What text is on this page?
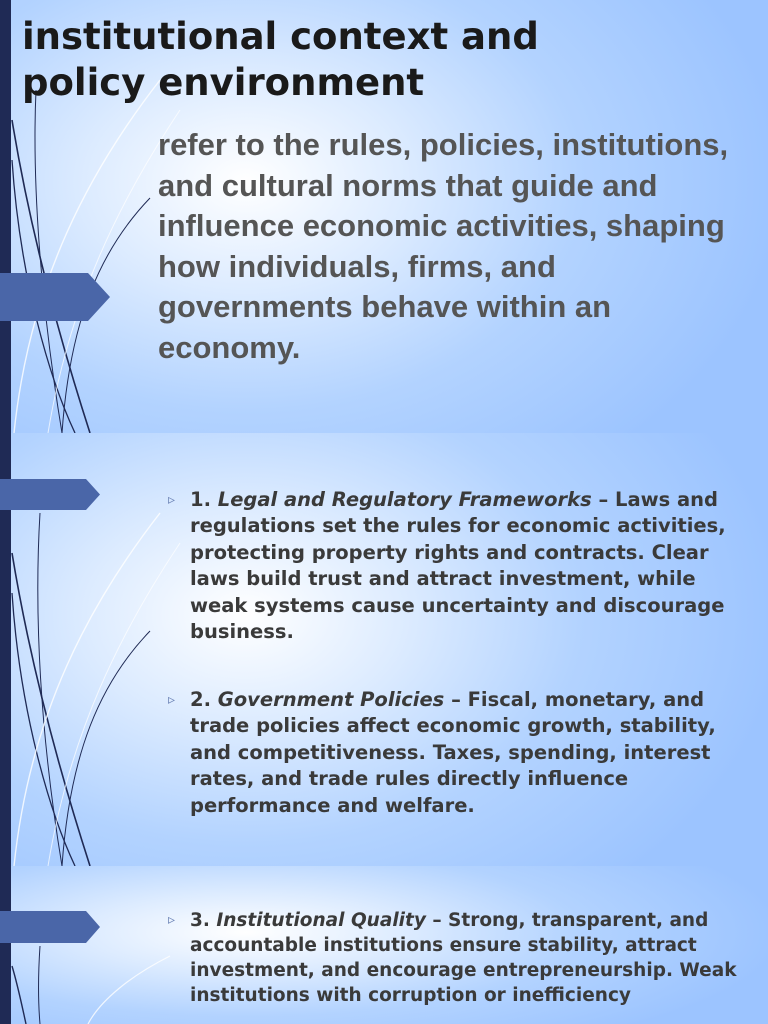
institutional context and policy environment

refer to the rules, policies, institutions, and cultural norms that guide and influence economic activities, shaping how individuals, firms, and governments behave within an economy.

▹ 1. Legal and Regulatory Frameworks – Laws and regulations set the rules for economic activities, protecting property rights and contracts. Clear laws build trust and attract investment, while weak systems cause uncertainty and discourage business.
▹ 2. Government Policies – Fiscal, monetary, and trade policies affect economic growth, stability, and competitiveness. Taxes, spending, interest rates, and trade rules directly influence performance and welfare.
▹ 3. Institutional Quality – Strong, transparent, and accountable institutions ensure stability, attract investment, and encourage entrepreneurship. Weak institutions with corruption or inefficiency
